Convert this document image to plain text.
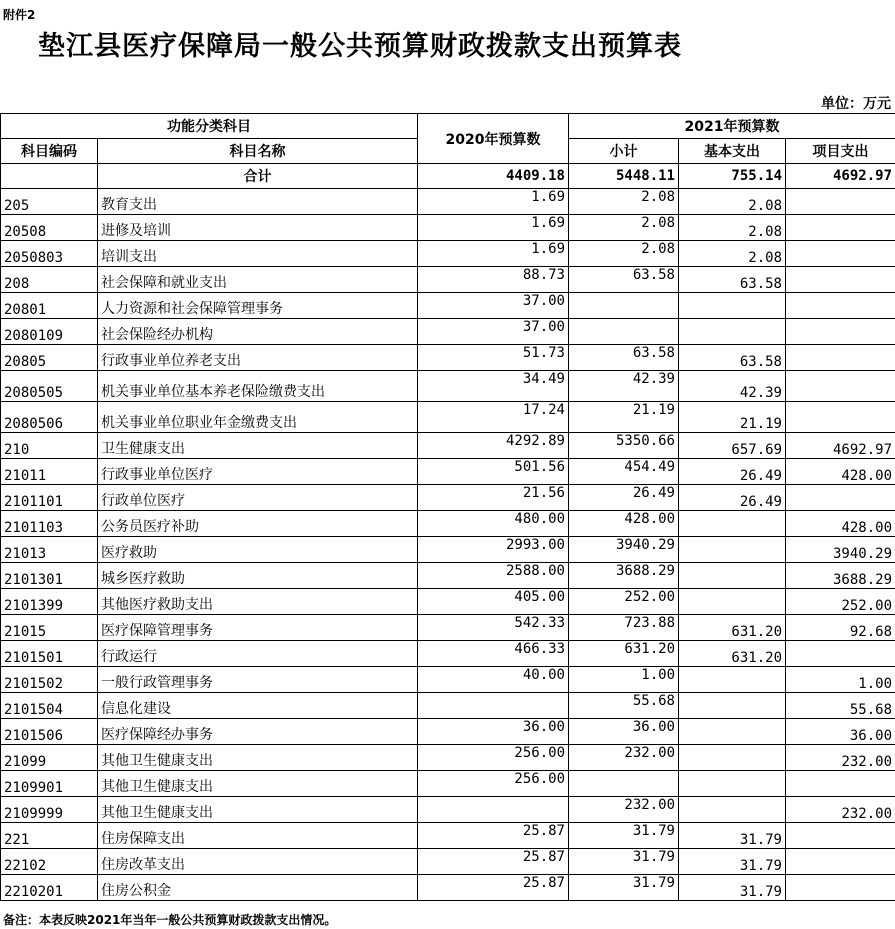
附件2
垫江县医疗保障局一般公共预算财政拨款支出预算表
单位：万元
功能分类科目		2020年预算数	2021年预算数		
科目编码	科目名称		小计	基本支出	项目支出
	合计	4409.18	5448.11	755.14	4692.97
205	教育支出	1.69	2.08	2.08	
20508	进修及培训	1.69	2.08	2.08	
2050803	培训支出	1.69	2.08	2.08	
208	社会保障和就业支出	88.73	63.58	63.58	
20801	人力资源和社会保障管理事务	37.00			
2080109	社会保险经办机构	37.00			
20805	行政事业单位养老支出	51.73	63.58	63.58	
2080505	机关事业单位基本养老保险缴费支出	34.49	42.39	42.39	
2080506	机关事业单位职业年金缴费支出	17.24	21.19	21.19	
210	卫生健康支出	4292.89	5350.66	657.69	4692.97
21011	行政事业单位医疗	501.56	454.49	26.49	428.00
2101101	行政单位医疗	21.56	26.49	26.49	
2101103	公务员医疗补助	480.00	428.00		428.00
21013	医疗救助	2993.00	3940.29		3940.29
2101301	城乡医疗救助	2588.00	3688.29		3688.29
2101399	其他医疗救助支出	405.00	252.00		252.00
21015	医疗保障管理事务	542.33	723.88	631.20	92.68
2101501	行政运行	466.33	631.20	631.20	
2101502	一般行政管理事务	40.00	1.00		1.00
2101504	信息化建设		55.68		55.68
2101506	医疗保障经办事务	36.00	36.00		36.00
21099	其他卫生健康支出	256.00	232.00		232.00
2109901	其他卫生健康支出	256.00			
2109999	其他卫生健康支出		232.00		232.00
221	住房保障支出	25.87	31.79	31.79	
22102	住房改革支出	25.87	31.79	31.79	
2210201	住房公积金	25.87	31.79	31.79	
备注：本表反映2021年当年一般公共预算财政拨款支出情况。
